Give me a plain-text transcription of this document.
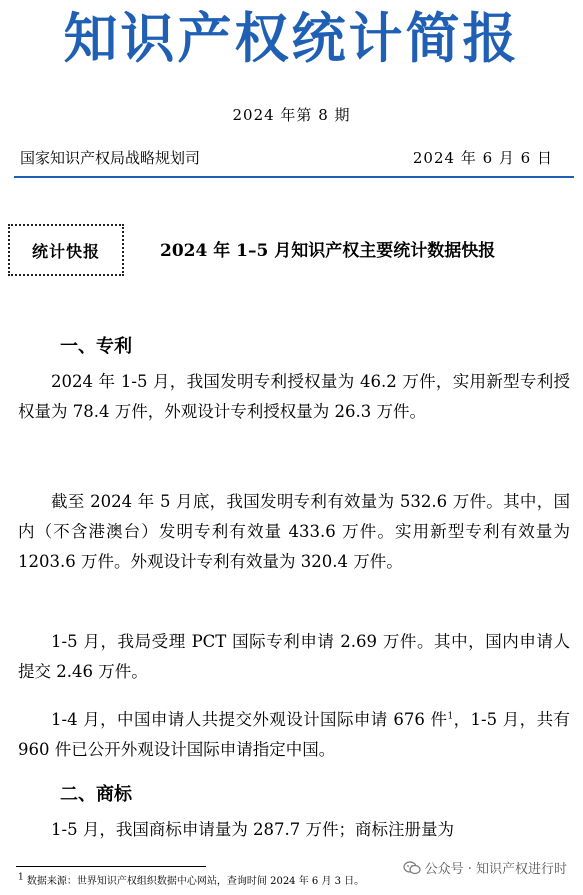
知识产权统计简报
2024 年第 8 期
国家知识产权局战略规划司	2024 年 6 月 6 日
统计快报	2024 年 1–5 月知识产权主要统计数据快报
一、专利

2024 年 1-5 月，我国发明专利授权量为 46.2 万件，实用新型专利授权量为 78.4 万件，外观设计专利授权量为 26.3 万件。

截至 2024 年 5 月底，我国发明专利有效量为 532.6 万件。其中，国内（不含港澳台）发明专利有效量 433.6 万件。实用新型专利有效量为 1203.6 万件。外观设计专利有效量为 320.4 万件。

1-5 月，我局受理 PCT 国际专利申请 2.69 万件。其中，国内申请人提交 2.46 万件。

1-4 月，中国申请人共提交外观设计国际申请 676 件$^1$，1-5 月，共有 960 件已公开外观设计国际申请指定中国。

二、商标

1-5 月，我国商标申请量为 287.7 万件；商标注册量为

$^1$ 数据来源：世界知识产权组织数据中心网站，查询时间 2024 年 6 月 3 日。
公众号 · 知识产权进行时
